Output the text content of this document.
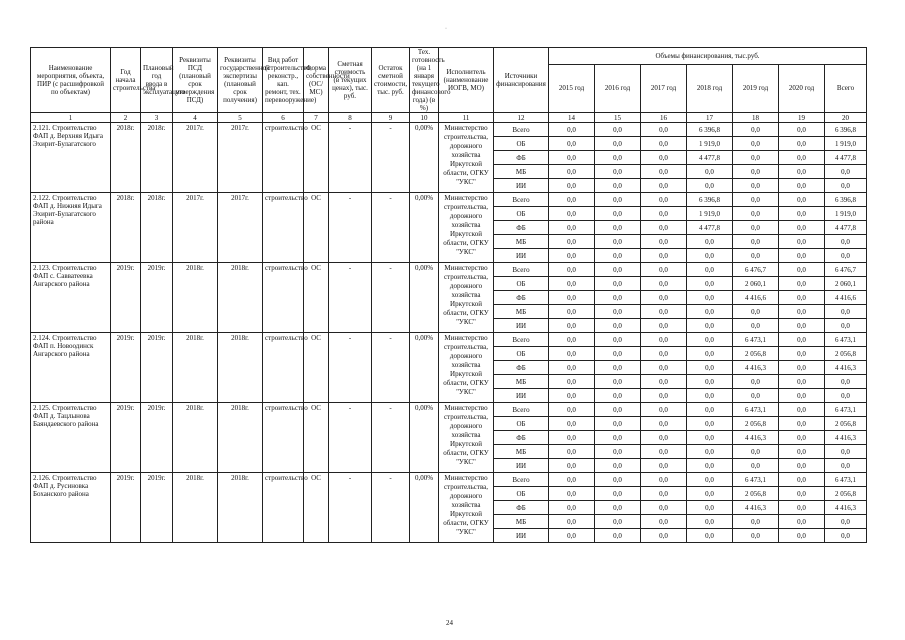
Наименование мероприятия, объекта, ПИР (с расшифровкой по объектам)	Год начала строительства	Плановый год ввода в эксплуатацию	Реквизиты ПСД (плановый срок утверждения ПСД)	Реквизиты государственной экспертизы (плановый срок получения)	Вид работ (строительство, реконстр., кап. ремонт, тех. перевооружение)	Форма собственности (ОС/МС)	Сметная стоимость (в текущих ценах), тыс. руб.	Остаток сметной стоимости, тыс. руб.	Тех. готовность (на 1 января текущего финансового года) (в %)	Исполнитель (наименование ИОГВ, МО)	Источники финансирования	Объемы финансирования, тыс.руб.						
												2015 год	2016 год	2017 год	2018 год	2019 год	2020 год	Всего
1	2	3	4	5	6	7	8	9	10	11	12	14	15	16	17	18	19	20
2.121. Строительство ФАП д. Верхняя Идыга Эхирит-Булагатского	2018г.	2018г.	2017г.	2017г.	строительство	ОС	-	-	0,00%	Министерство строительства, дорожного хозяйства Иркутской области, ОГКУ "УКС"	Всего	0,0	0,0	0,0	6 396,8	0,0	0,0	6 396,8
											ОБ	0,0	0,0	0,0	1 919,0	0,0	0,0	1 919,0
											ФБ	0,0	0,0	0,0	4 477,8	0,0	0,0	4 477,8
											МБ	0,0	0,0	0,0	0,0	0,0	0,0	0,0
											ИИ	0,0	0,0	0,0	0,0	0,0	0,0	0,0
2.122. Строительство ФАП д. Нижняя Идыга Эхирит-Булагатского района	2018г.	2018г.	2017г.	2017г.	строительство	ОС	-	-	0,00%	Министерство строительства, дорожного хозяйства Иркутской области, ОГКУ "УКС"	Всего	0,0	0,0	0,0	6 396,8	0,0	0,0	6 396,8
											ОБ	0,0	0,0	0,0	1 919,0	0,0	0,0	1 919,0
											ФБ	0,0	0,0	0,0	4 477,8	0,0	0,0	4 477,8
											МБ	0,0	0,0	0,0	0,0	0,0	0,0	0,0
											ИИ	0,0	0,0	0,0	0,0	0,0	0,0	0,0
2.123. Строительство ФАП с. Савватеевка Ангарского района	2019г.	2019г.	2018г.	2018г.	строительство	ОС	-	-	0,00%	Министерство строительства, дорожного хозяйства Иркутской области, ОГКУ "УКС"	Всего	0,0	0,0	0,0	0,0	6 476,7	0,0	6 476,7
											ОБ	0,0	0,0	0,0	0,0	2 060,1	0,0	2 060,1
											ФБ	0,0	0,0	0,0	0,0	4 416,6	0,0	4 416,6
											МБ	0,0	0,0	0,0	0,0	0,0	0,0	0,0
											ИИ	0,0	0,0	0,0	0,0	0,0	0,0	0,0
2.124. Строительство ФАП п. Новоодинск Ангарского района	2019г.	2019г.	2018г.	2018г.	строительство	ОС	-	-	0,00%	Министерство строительства, дорожного хозяйства Иркутской области, ОГКУ "УКС"	Всего	0,0	0,0	0,0	0,0	6 473,1	0,0	6 473,1
											ОБ	0,0	0,0	0,0	0,0	2 056,8	0,0	2 056,8
											ФБ	0,0	0,0	0,0	0,0	4 416,3	0,0	4 416,3
											МБ	0,0	0,0	0,0	0,0	0,0	0,0	0,0
											ИИ	0,0	0,0	0,0	0,0	0,0	0,0	0,0
2.125. Строительство ФАП д. Тацлынова Баяндаевского района	2019г.	2019г.	2018г.	2018г.	строительство	ОС	-	-	0,00%	Министерство строительства, дорожного хозяйства Иркутской области, ОГКУ "УКС"	Всего	0,0	0,0	0,0	0,0	6 473,1	0,0	6 473,1
											ОБ	0,0	0,0	0,0	0,0	2 056,8	0,0	2 056,8
											ФБ	0,0	0,0	0,0	0,0	4 416,3	0,0	4 416,3
											МБ	0,0	0,0	0,0	0,0	0,0	0,0	0,0
											ИИ	0,0	0,0	0,0	0,0	0,0	0,0	0,0
2.126. Строительство ФАП д. Русиновка Боханского района	2019г.	2019г.	2018г.	2018г.	строительство	ОС	-	-	0,00%	Министерство строительства, дорожного хозяйства Иркутской области, ОГКУ "УКС"	Всего	0,0	0,0	0,0	0,0	6 473,1	0,0	6 473,1
											ОБ	0,0	0,0	0,0	0,0	2 056,8	0,0	2 056,8
											ФБ	0,0	0,0	0,0	0,0	4 416,3	0,0	4 416,3
											МБ	0,0	0,0	0,0	0,0	0,0	0,0	0,0
											ИИ	0,0	0,0	0,0	0,0	0,0	0,0	0,0
24
·
